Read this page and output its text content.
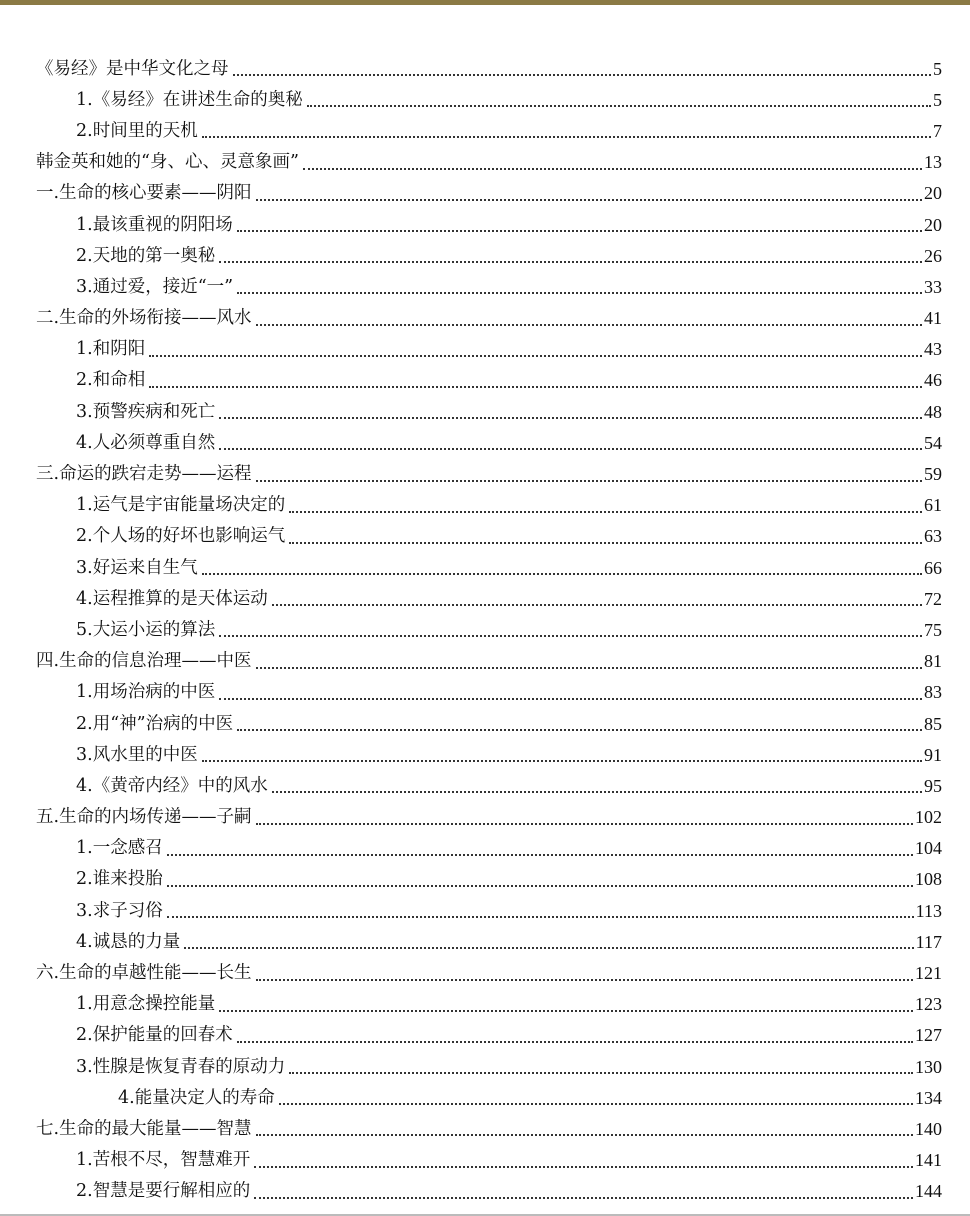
《易经》是中华文化之母	5
1.《易经》在讲述生命的奥秘	5
2.时间里的天机	7
韩金英和她的“身、心、灵意象画”	13
一.生命的核心要素——阴阳	20
1.最该重视的阴阳场	20
2.天地的第一奥秘	26
3.通过爱，接近“一”	33
二.生命的外场衔接——风水	41
1.和阴阳	43
2.和命相	46
3.预警疾病和死亡	48
4.人必须尊重自然	54
三.命运的跌宕走势——运程	59
1.运气是宇宙能量场决定的	61
2.个人场的好坏也影响运气	63
3.好运来自生气	66
4.运程推算的是天体运动	72
5.大运小运的算法	75
四.生命的信息治理——中医	81
1.用场治病的中医	83
2.用“神”治病的中医	85
3.风水里的中医	91
4.《黄帝内经》中的风水	95
五.生命的内场传递——子嗣	102
1.一念感召	104
2.谁来投胎	108
3.求子习俗	113
4.诚恳的力量	117
六.生命的卓越性能——长生	121
1.用意念操控能量	123
2.保护能量的回春术	127
3.性腺是恢复青春的原动力	130
4.能量决定人的寿命	134
七.生命的最大能量——智慧	140
1.苦根不尽，智慧难开	141
2.智慧是要行解相应的	144
